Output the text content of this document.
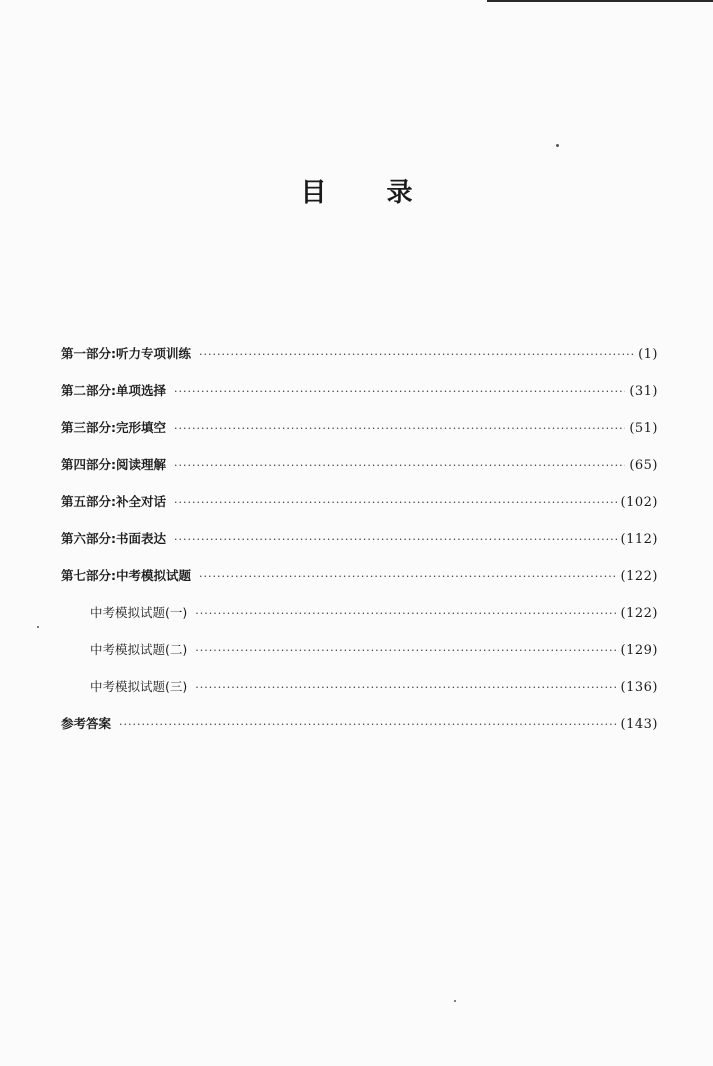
目 录
第一部分:听力专项训练 ·····	(1)
第二部分:单项选择 ·····	(31)
第三部分:完形填空 ·····	(51)
第四部分:阅读理解 ·····	(65)
第五部分:补全对话 ·····	(102)
第六部分:书面表达 ·····	(112)
第七部分:中考模拟试题 ·····	(122)
中考模拟试题(一) ·····	(122)
中考模拟试题(二) ·····	(129)
中考模拟试题(三) ·····	(136)
参考答案 ·····	(143)
